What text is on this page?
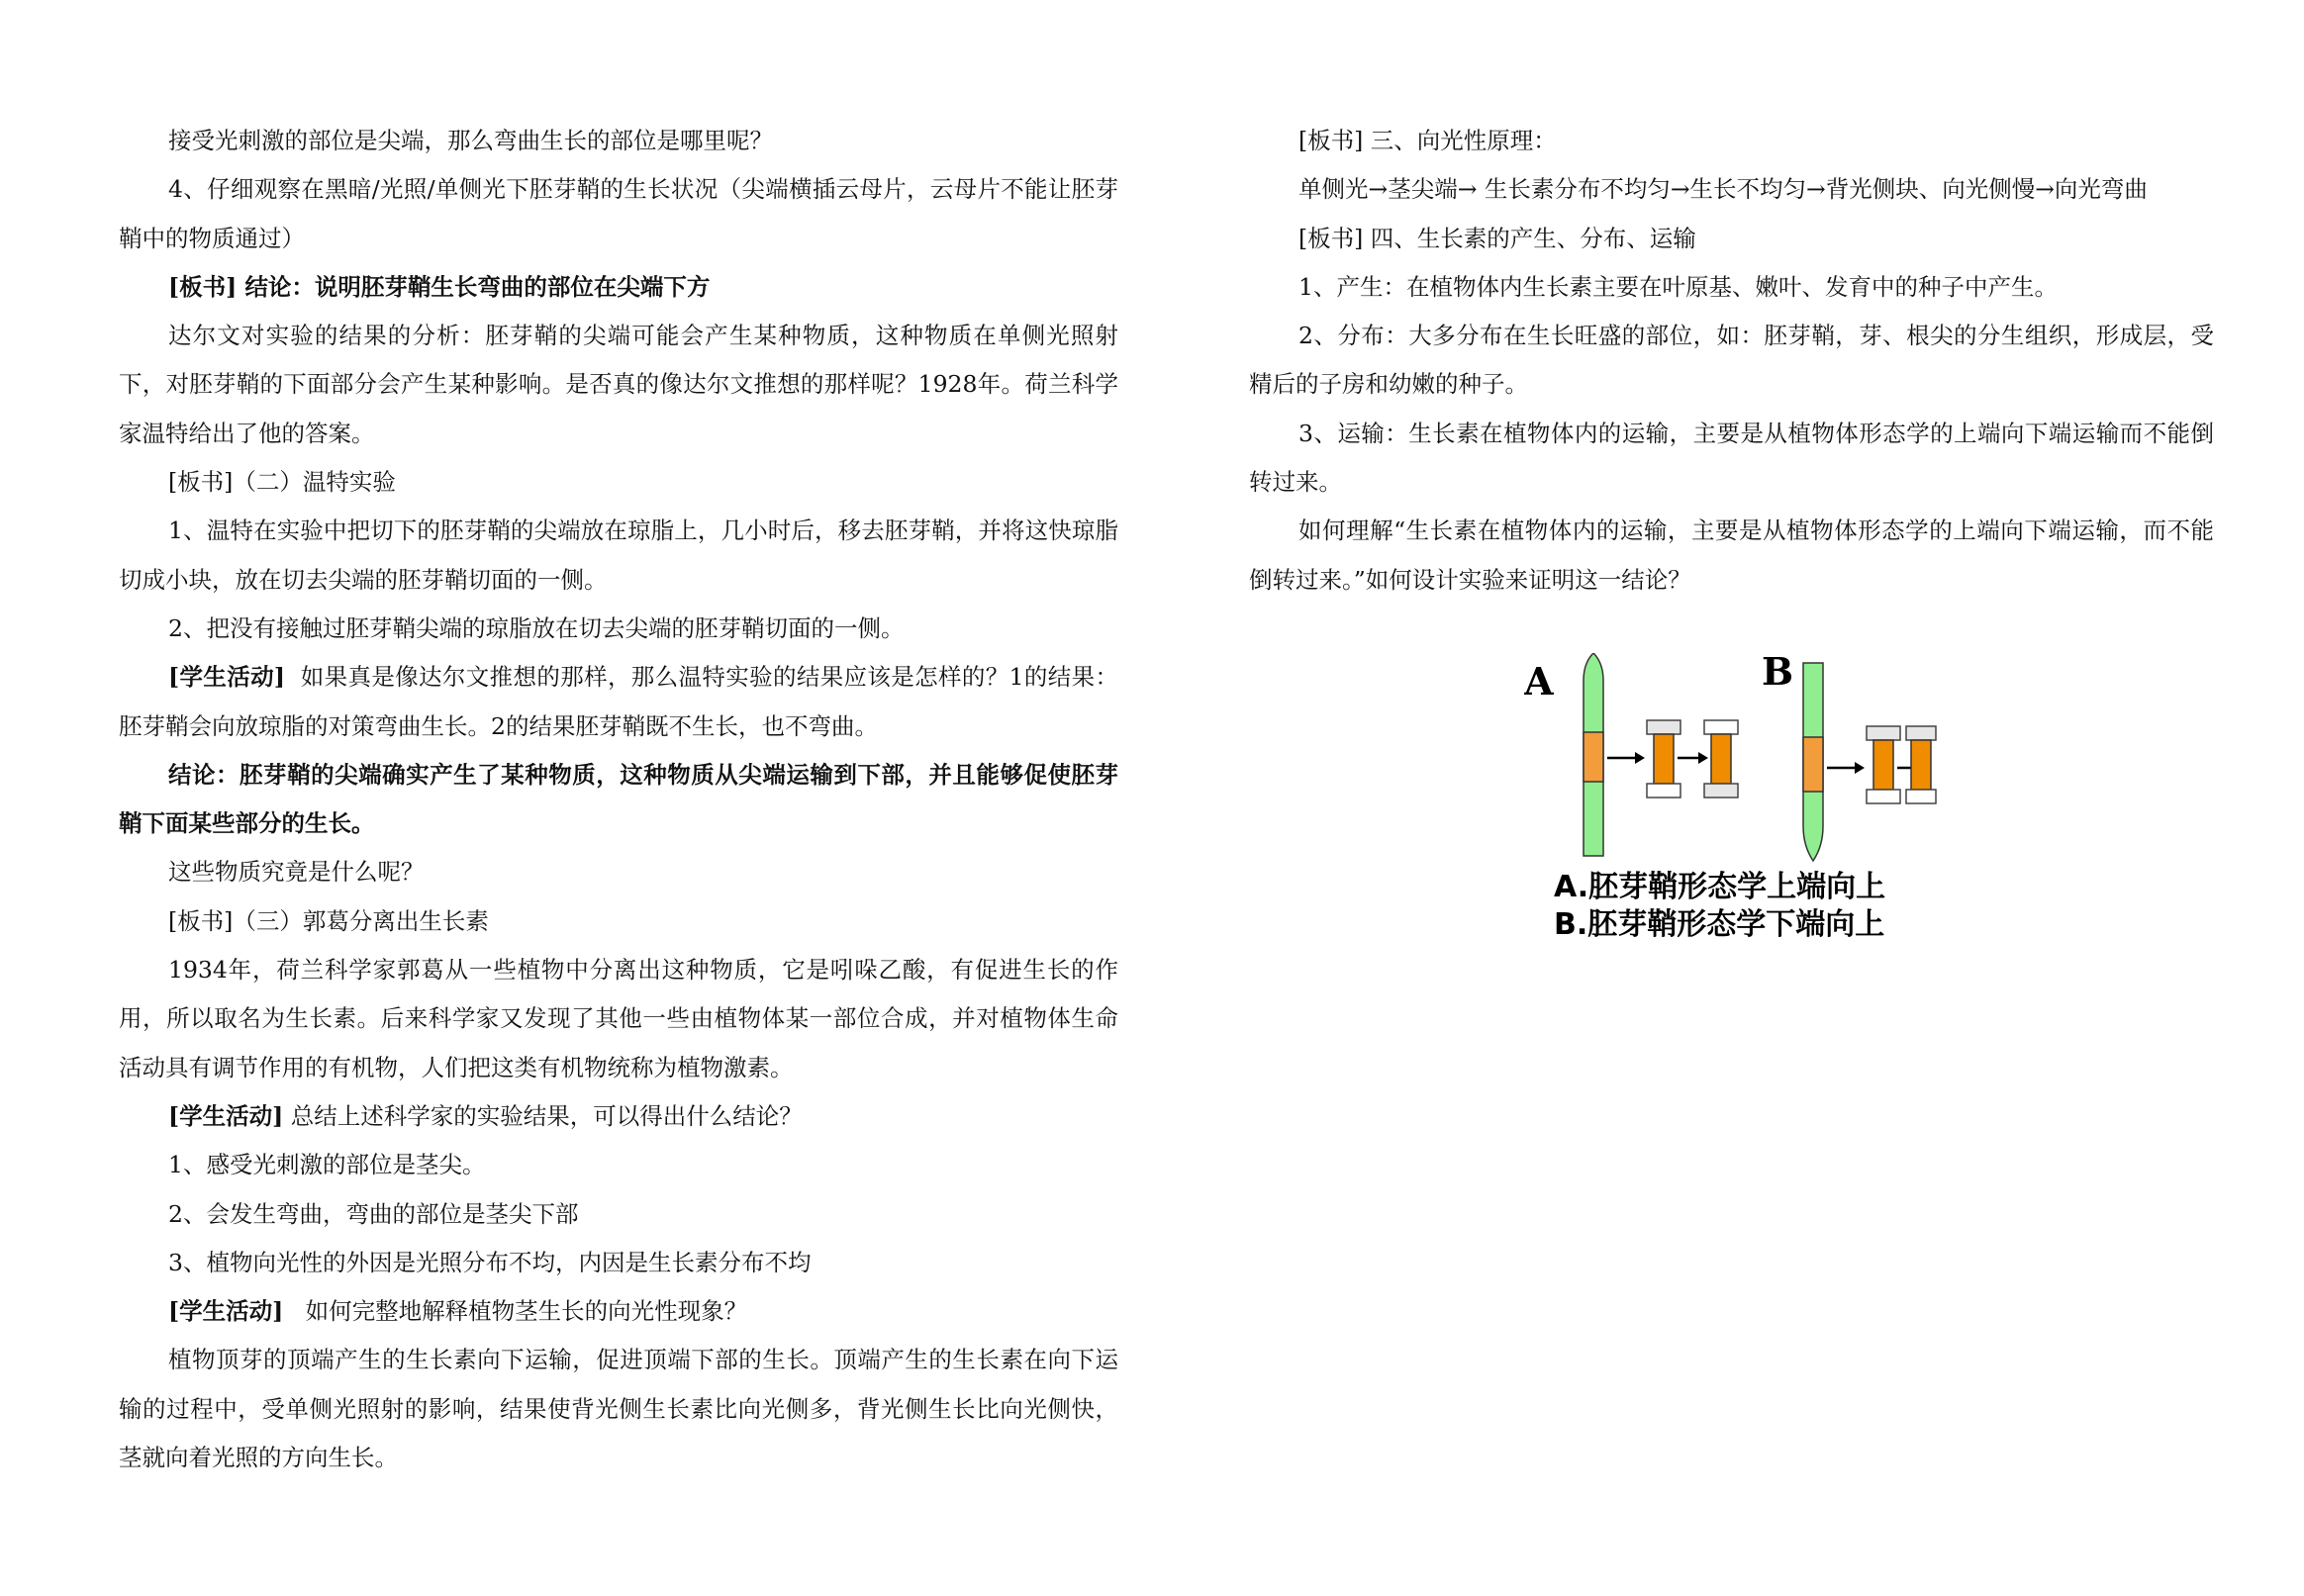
接受光刺激的部位是尖端，那么弯曲生长的部位是哪里呢？

4、仔细观察在黑暗/光照/单侧光下胚芽鞘的生长状况（尖端横插云母片，云母片不能让胚芽鞘中的物质通过）

[板书] 结论：说明胚芽鞘生长弯曲的部位在尖端下方

达尔文对实验的结果的分析：胚芽鞘的尖端可能会产生某种物质，这种物质在单侧光照射下，对胚芽鞘的下面部分会产生某种影响。是否真的像达尔文推想的那样呢？1928年。荷兰科学家温特给出了他的答案。

[板书]（二）温特实验

1、温特在实验中把切下的胚芽鞘的尖端放在琼脂上，几小时后，移去胚芽鞘，并将这快琼脂切成小块，放在切去尖端的胚芽鞘切面的一侧。

2、把没有接触过胚芽鞘尖端的琼脂放在切去尖端的胚芽鞘切面的一侧。

[学生活动] 如果真是像达尔文推想的那样，那么温特实验的结果应该是怎样的？1的结果：胚芽鞘会向放琼脂的对策弯曲生长。2的结果胚芽鞘既不生长，也不弯曲。

结论：胚芽鞘的尖端确实产生了某种物质，这种物质从尖端运输到下部，并且能够促使胚芽鞘下面某些部分的生长。

这些物质究竟是什么呢？

[板书]（三）郭葛分离出生长素

1934年，荷兰科学家郭葛从一些植物中分离出这种物质，它是吲哚乙酸，有促进生长的作用，所以取名为生长素。后来科学家又发现了其他一些由植物体某一部位合成，并对植物体生命活动具有调节作用的有机物，人们把这类有机物统称为植物激素。

[学生活动] 总结上述科学家的实验结果，可以得出什么结论？

1、感受光刺激的部位是茎尖。

2、会发生弯曲，弯曲的部位是茎尖下部

3、植物向光性的外因是光照分布不均，内因是生长素分布不均

[学生活动] 如何完整地解释植物茎生长的向光性现象？

植物顶芽的顶端产生的生长素向下运输，促进顶端下部的生长。顶端产生的生长素在向下运输的过程中，受单侧光照射的影响，结果使背光侧生长素比向光侧多，背光侧生长比向光侧快，茎就向着光照的方向生长。

[板书] 三、向光性原理：

单侧光→茎尖端→ 生长素分布不均匀→生长不均匀→背光侧块、向光侧慢→向光弯曲

[板书] 四、生长素的产生、分布、运输

1、产生：在植物体内生长素主要在叶原基、嫩叶、发育中的种子中产生。

2、分布：大多分布在生长旺盛的部位，如：胚芽鞘，芽、根尖的分生组织，形成层，受精后的子房和幼嫩的种子。

3、运输：生长素在植物体内的运输，主要是从植物体形态学的上端向下端运输而不能倒转过来。

如何理解“生长素在植物体内的运输，主要是从植物体形态学的上端向下端运输，而不能倒转过来。”如何设计实验来证明这一结论？

A	B
A.胚芽鞘形态学上端向上
B.胚芽鞘形态学下端向上
